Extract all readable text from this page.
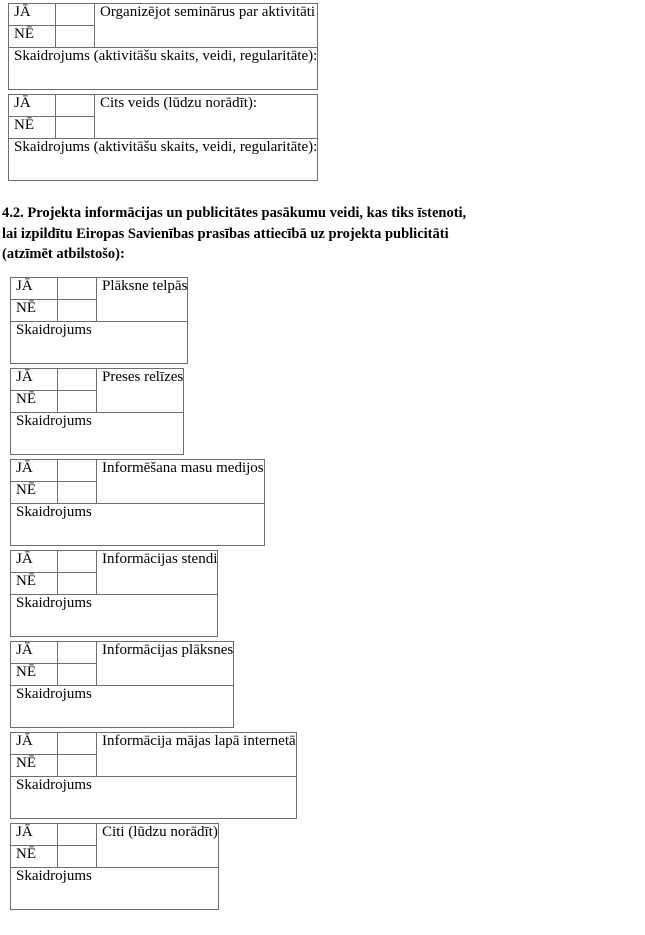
JĀ		Organizējot seminārus par aktivitāti
NĒ		
Skaidrojums (aktivitāšu skaits, veidi, regularitāte):		
JĀ		Cits veids (lūdzu norādīt):
NĒ		
Skaidrojums (aktivitāšu skaits, veidi, regularitāte):		
4.2. Projekta informācijas un publicitātes pasākumu veidi, kas tiks īstenoti,
lai izpildītu Eiropas Savienības prasības attiecībā uz projekta publicitāti
(atzīmēt atbilstošo):
JĀ		Plāksne telpās
NĒ		
Skaidrojums		
JĀ		Preses relīzes
NĒ		
Skaidrojums		
JĀ		Informēšana masu medijos
NĒ		
Skaidrojums		
JĀ		Informācijas stendi
NĒ		
Skaidrojums		
JĀ		Informācijas plāksnes
NĒ		
Skaidrojums		
JĀ		Informācija mājas lapā internetā
NĒ		
Skaidrojums		
JĀ		Citi (lūdzu norādīt)
NĒ		
Skaidrojums		
